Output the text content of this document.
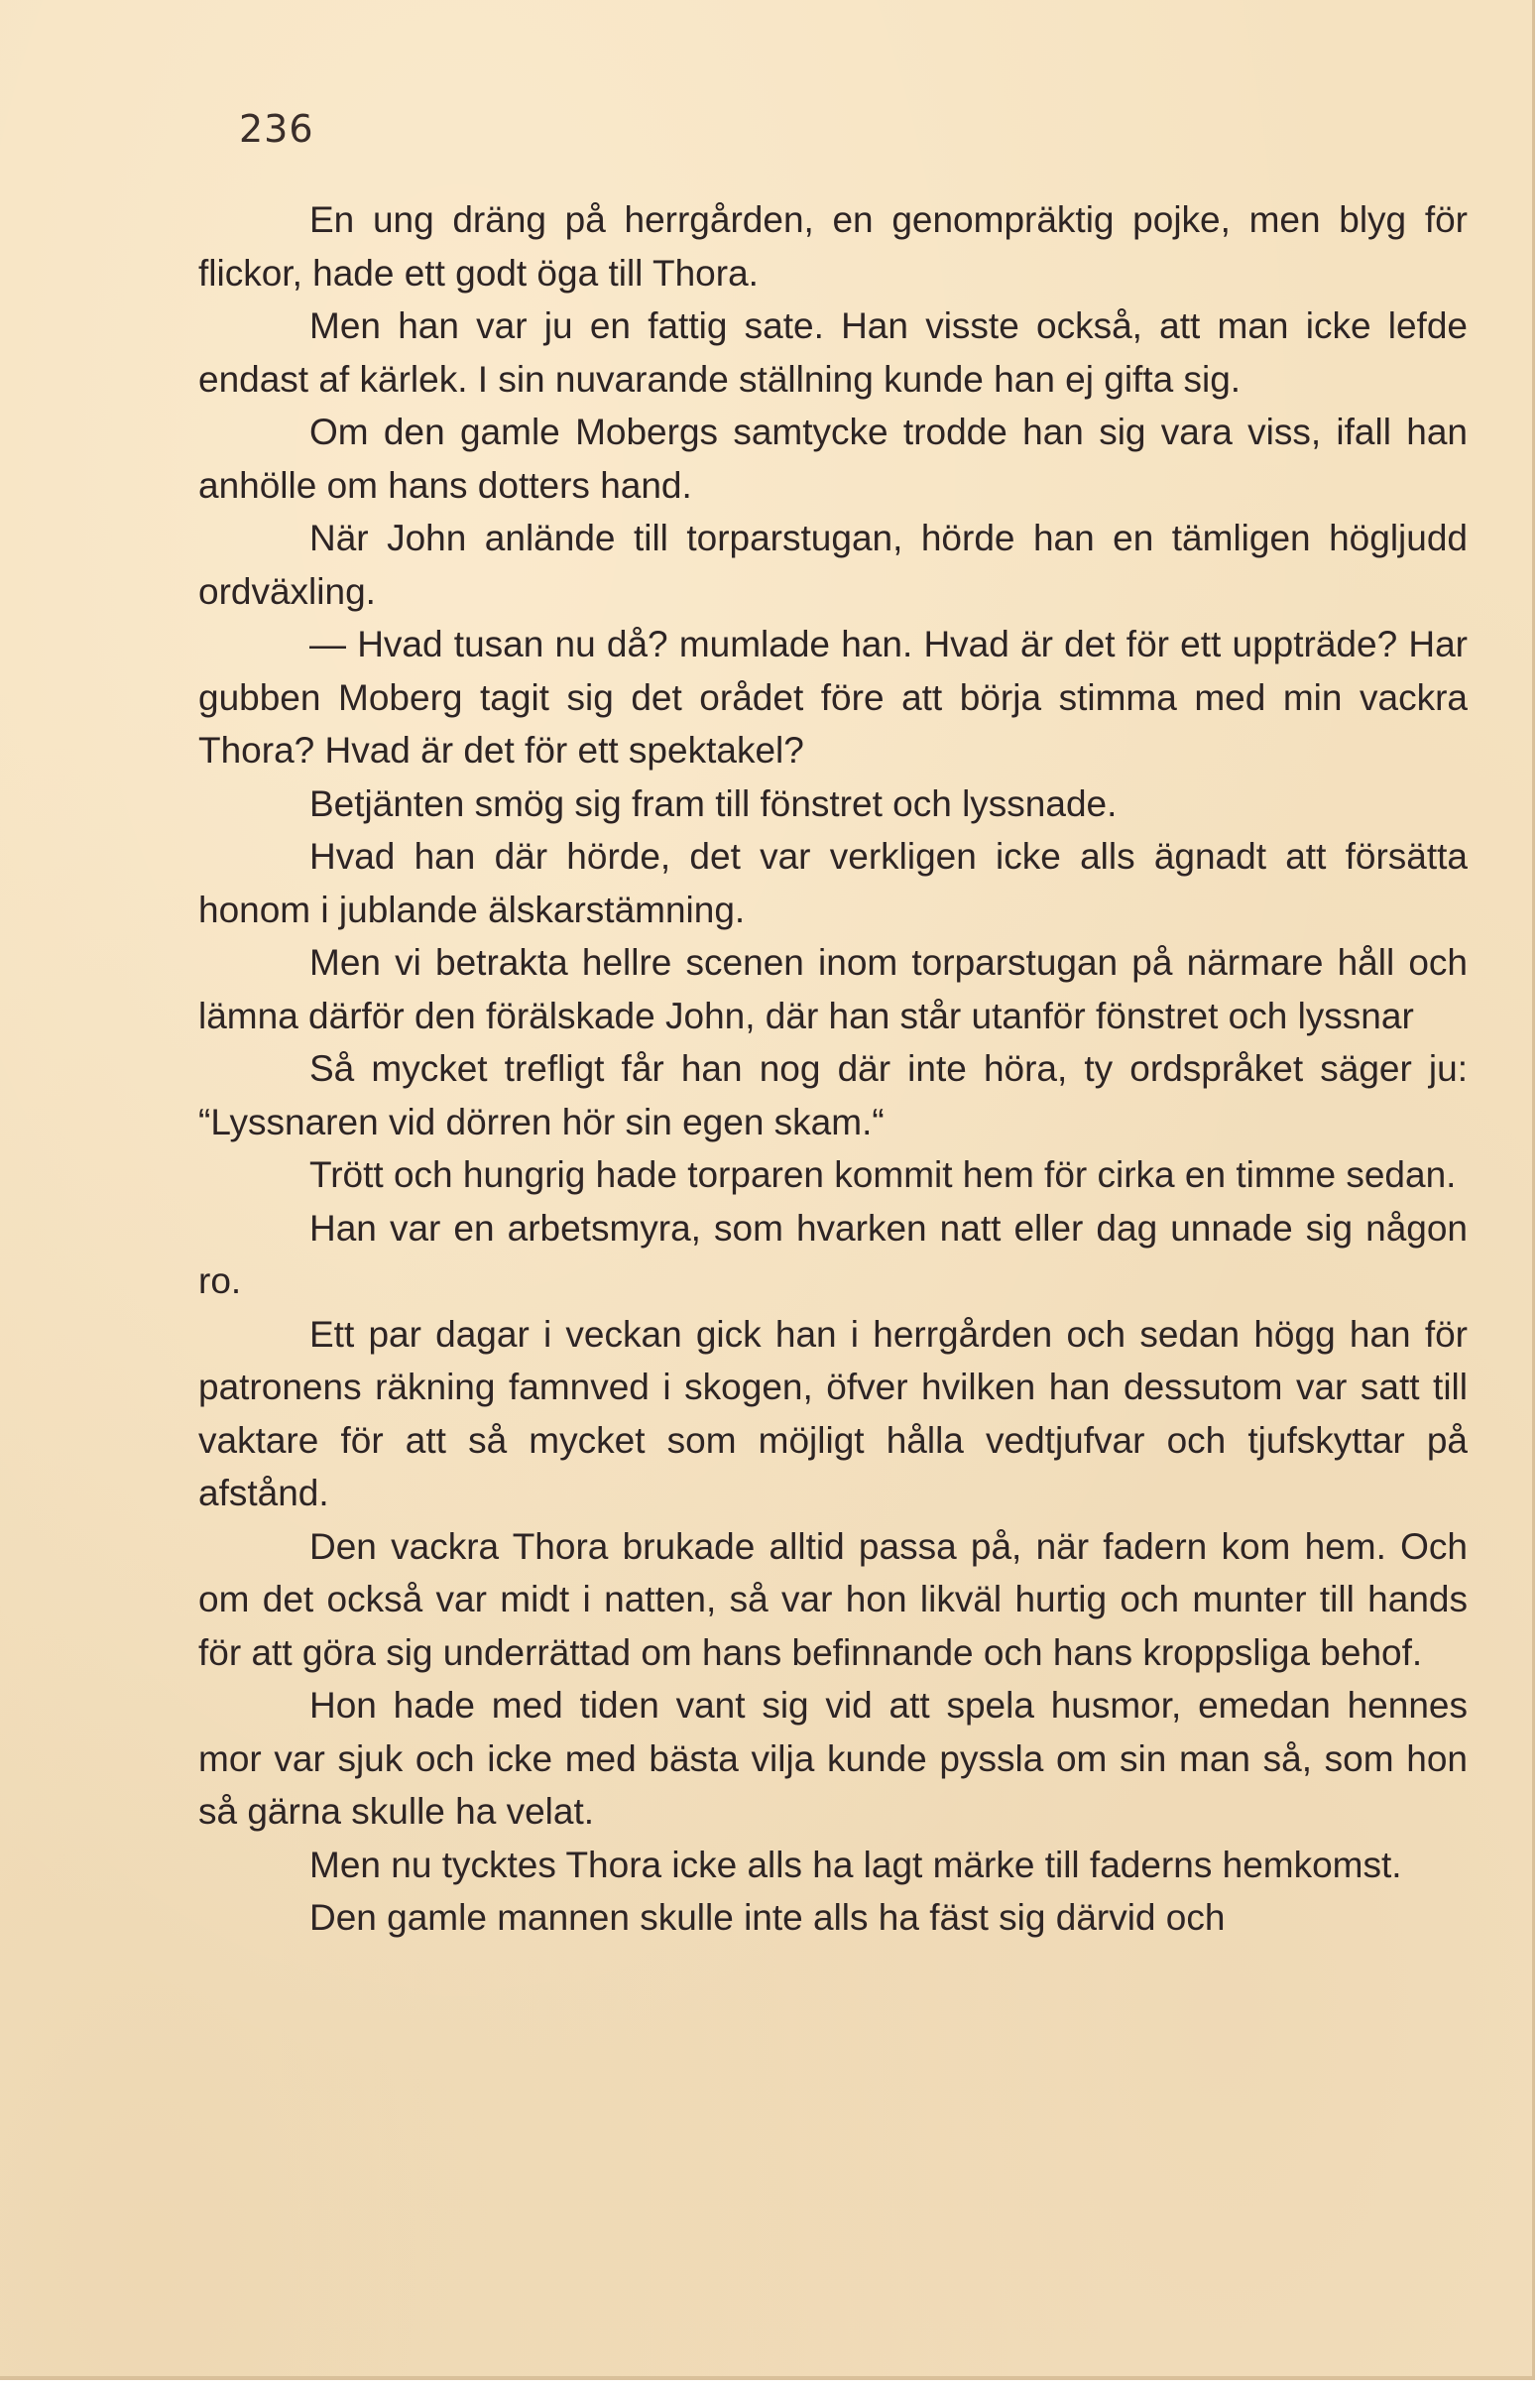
236

En ung dräng på herrgården, en genompräktig pojke, men blyg för flickor, hade ett godt öga till Thora.

Men han var ju en fattig sate. Han visste också, att man icke lefde endast af kärlek. I sin nuvarande ställning kunde han ej gifta sig.

Om den gamle Mobergs samtycke trodde han sig vara viss, ifall han anhölle om hans dotters hand.

När John anlände till torparstugan, hörde han en tämligen högljudd ordväxling.

— Hvad tusan nu då? mumlade han. Hvad är det för ett uppträde? Har gubben Moberg tagit sig det orådet före att börja stimma med min vackra Thora? Hvad är det för ett spektakel?

Betjänten smög sig fram till fönstret och lyssnade.

Hvad han där hörde, det var verkligen icke alls ägnadt att försätta honom i jublande älskarstämning.

Men vi betrakta hellre scenen inom torparstugan på närmare håll och lämna därför den förälskade John, där han står utanför fönstret och lyssnar

Så mycket trefligt får han nog där inte höra, ty ordspråket säger ju: “Lyssnaren vid dörren hör sin egen skam.“

Trött och hungrig hade torparen kommit hem för cirka en timme sedan.

Han var en arbetsmyra, som hvarken natt eller dag unnade sig någon ro.

Ett par dagar i veckan gick han i herrgården och sedan högg han för patronens räkning famnved i skogen, öfver hvilken han dessutom var satt till vaktare för att så mycket som möjligt hålla vedtjufvar och tjufskyttar på afstånd.

Den vackra Thora brukade alltid passa på, när fadern kom hem. Och om det också var midt i natten, så var hon likväl hurtig och munter till hands för att göra sig underrättad om hans befinnande och hans kroppsliga behof.

Hon hade med tiden vant sig vid att spela husmor, emedan hennes mor var sjuk och icke med bästa vilja kunde pyssla om sin man så, som hon så gärna skulle ha velat.

Men nu tycktes Thora icke alls ha lagt märke till faderns hemkomst.

Den gamle mannen skulle inte alls ha fäst sig därvid och
